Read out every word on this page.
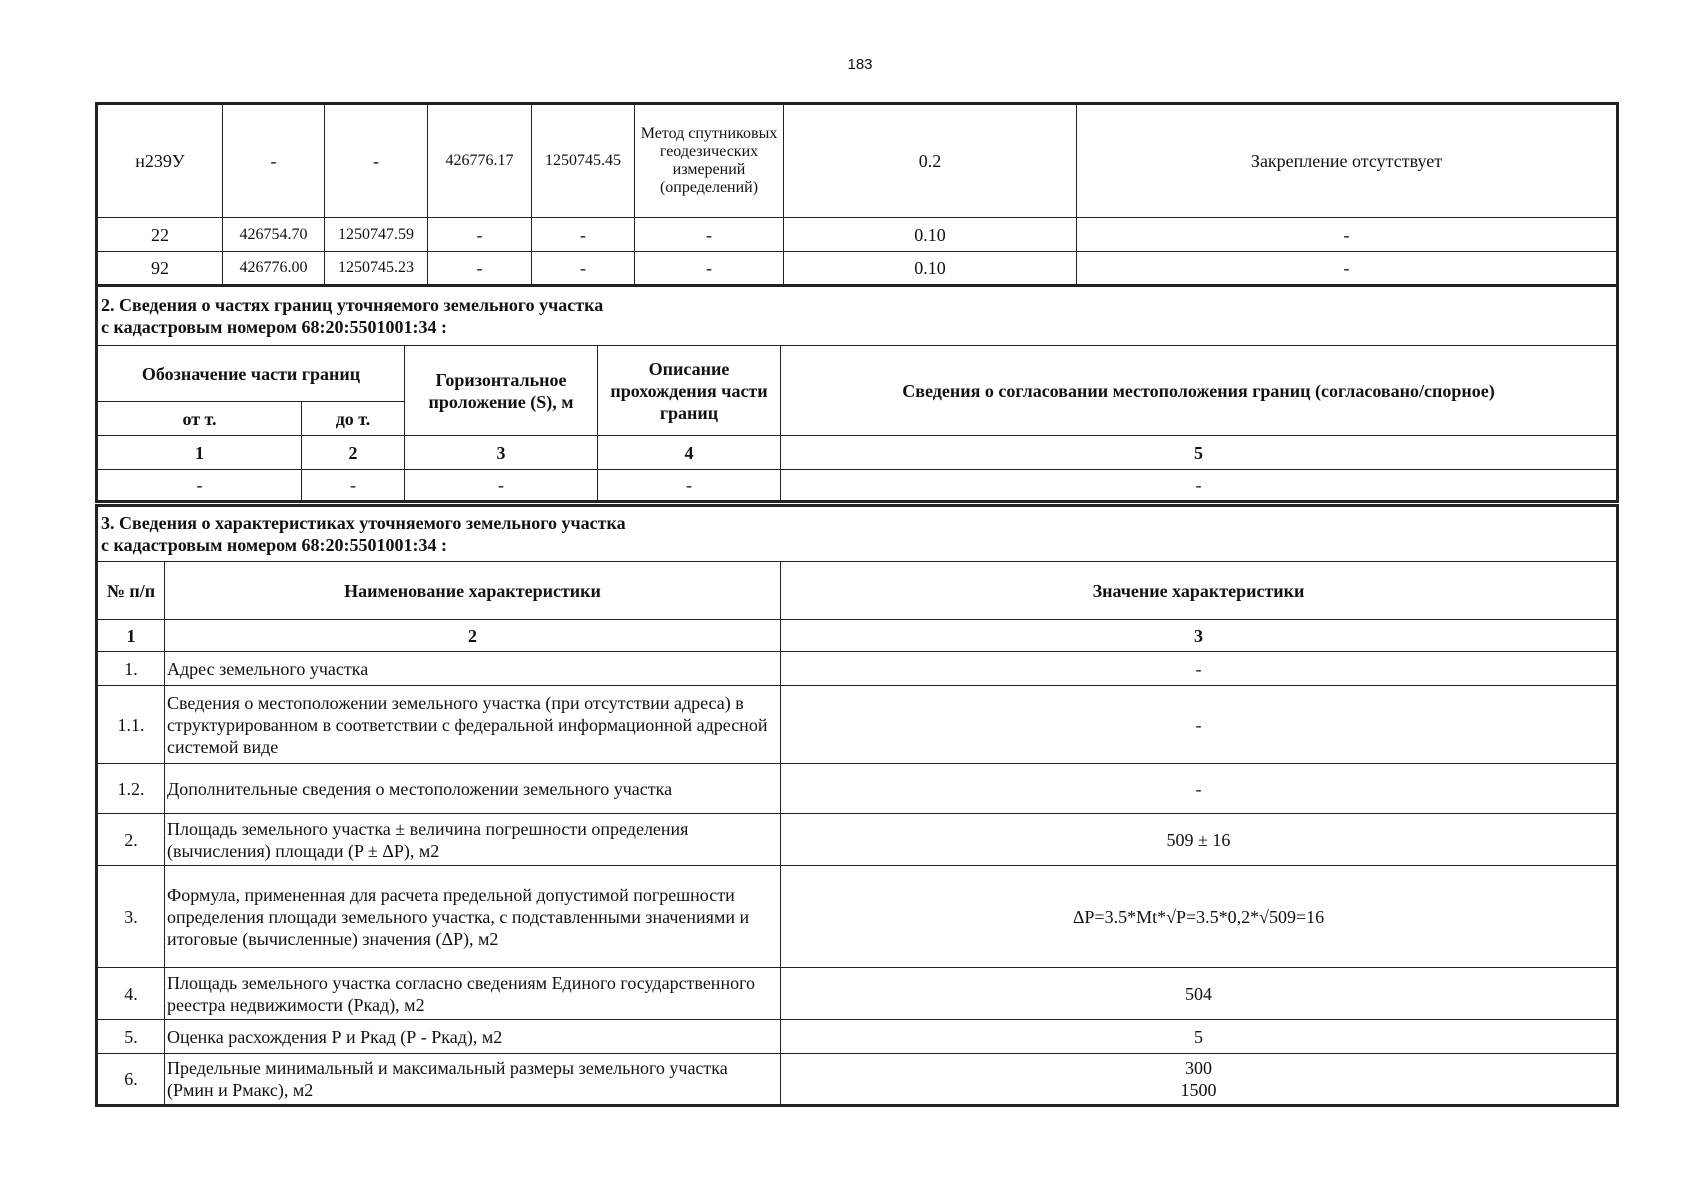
183
н239У	-	-	426776.17	1250745.45	Метод спутниковых геодезических измерений (определений)	0.2	Закрепление отсутствует
22	426754.70	1250747.59	-	-	-	0.10	-
92	426776.00	1250745.23	-	-	-	0.10	-
2. Сведения о частях границ уточняемого земельного участка
с кадастровым номером 68:20:5501001:34 :				

Обозначение части границ		Горизонтальное проложение (S), м	Описание прохождения части границ	Сведения о согласовании местоположения границ (согласовано/спорное)
от т.	до т.			
1	2	3	4	5
-	-	-	-	-
3. Сведения о характеристиках уточняемого земельного участка
с кадастровым номером 68:20:5501001:34 :		

№ п/п	Наименование характеристики	Значение характеристики
1	2	3
1.	Адрес земельного участка	-
1.1.	Сведения о местоположении земельного участка (при отсутствии адреса) в структурированном в соответствии с федеральной информационной адресной системой виде	-
1.2.	Дополнительные сведения о местоположении земельного участка	-
2.	Площадь земельного участка ± величина погрешности определения (вычисления) площади (P ± ΔP), м2	509 ± 16
3.	Формула, примененная для расчета предельной допустимой погрешности определения площади земельного участка, с подставленными значениями и итоговые (вычисленные) значения (ΔP), м2	ΔP=3.5*Mt*√P=3.5*0,2*√509=16
4.	Площадь земельного участка согласно сведениям Единого государственного реестра недвижимости (Ркад), м2	504
5.	Оценка расхождения Р и Ркад (Р - Ркад), м2	5
6.	Предельные минимальный и максимальный размеры земельного участка (Рмин и Рмакс), м2	300
1500
